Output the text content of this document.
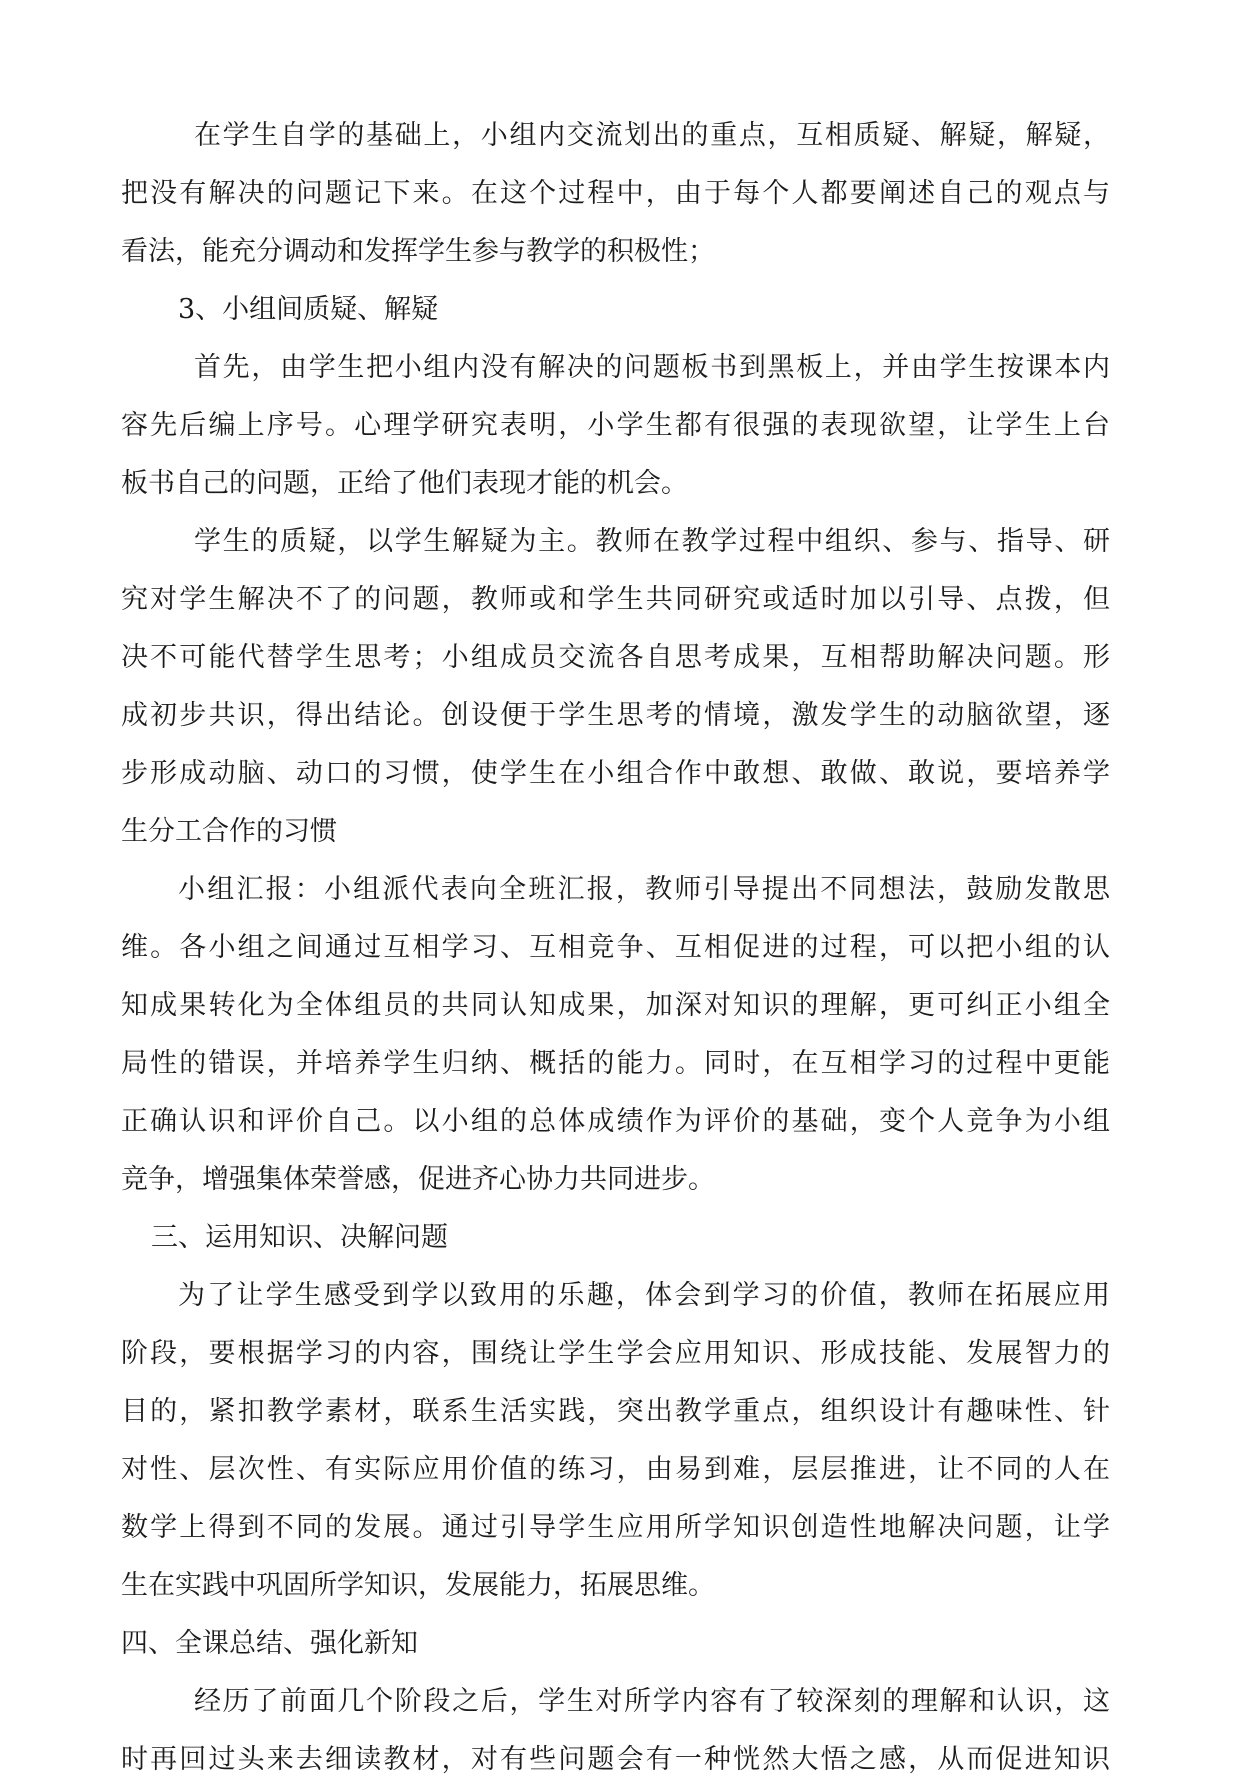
在学生自学的基础上，小组内交流划出的重点，互相质疑、解疑，解疑，
把没有解决的问题记下来。在这个过程中，由于每个人都要阐述自己的观点与
看法，能充分调动和发挥学生参与教学的积极性；
3、小组间质疑、解疑
首先，由学生把小组内没有解决的问题板书到黑板上，并由学生按课本内
容先后编上序号。心理学研究表明，小学生都有很强的表现欲望，让学生上台
板书自己的问题，正给了他们表现才能的机会。
学生的质疑，以学生解疑为主。教师在教学过程中组织、参与、指导、研
究对学生解决不了的问题，教师或和学生共同研究或适时加以引导、点拨，但
决不可能代替学生思考；小组成员交流各自思考成果，互相帮助解决问题。形
成初步共识，得出结论。创设便于学生思考的情境，激发学生的动脑欲望，逐
步形成动脑、动口的习惯，使学生在小组合作中敢想、敢做、敢说，要培养学
生分工合作的习惯
小组汇报：小组派代表向全班汇报，教师引导提出不同想法，鼓励发散思
维。各小组之间通过互相学习、互相竞争、互相促进的过程，可以把小组的认
知成果转化为全体组员的共同认知成果，加深对知识的理解，更可纠正小组全
局性的错误，并培养学生归纳、概括的能力。同时，在互相学习的过程中更能
正确认识和评价自己。以小组的总体成绩作为评价的基础，变个人竞争为小组
竞争，增强集体荣誉感，促进齐心协力共同进步。
三、运用知识、决解问题
为了让学生感受到学以致用的乐趣，体会到学习的价值，教师在拓展应用
阶段，要根据学习的内容，围绕让学生学会应用知识、形成技能、发展智力的
目的，紧扣教学素材，联系生活实践，突出教学重点，组织设计有趣味性、针
对性、层次性、有实际应用价值的练习，由易到难，层层推进，让不同的人在
数学上得到不同的发展。通过引导学生应用所学知识创造性地解决问题，让学
生在实践中巩固所学知识，发展能力，拓展思维。
四、全课总结、强化新知
经历了前面几个阶段之后，学生对所学内容有了较深刻的理解和认识，这
时再回过头来去细读教材，对有些问题会有一种恍然大悟之感，从而促进知识
